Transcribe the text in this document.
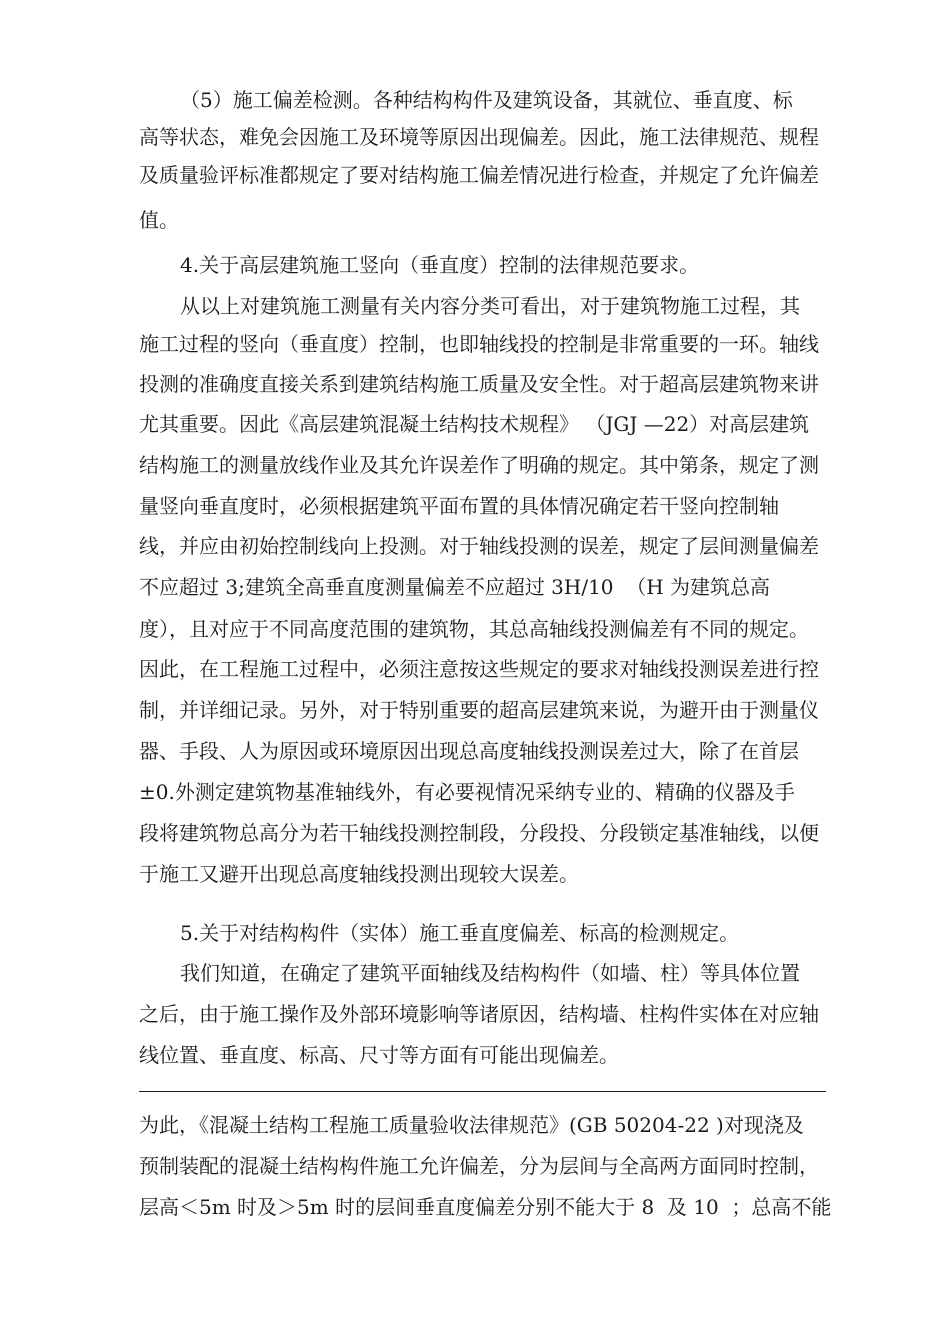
（5）施工偏差检测。各种结构构件及建筑设备，其就位、垂直度、标
高等状态，难免会因施工及环境等原因出现偏差。因此，施工法律规范、规程
及质量验评标准都规定了要对结构施工偏差情况进行检查，并规定了允许偏差
值。
4.关于高层建筑施工竖向（垂直度）控制的法律规范要求。
从以上对建筑施工测量有关内容分类可看出，对于建筑物施工过程，其
施工过程的竖向（垂直度）控制，也即轴线投的控制是非常重要的一环。轴线
投测的准确度直接关系到建筑结构施工质量及安全性。对于超高层建筑物来讲
尤其重要。因此《高层建筑混凝土结构技术规程》 （JGJ —22）对高层建筑
结构施工的测量放线作业及其允许误差作了明确的规定。其中第条，规定了测
量竖向垂直度时，必须根据建筑平面布置的具体情况确定若干竖向控制轴
线，并应由初始控制线向上投测。对于轴线投测的误差，规定了层间测量偏差
不应超过 3;建筑全高垂直度测量偏差不应超过 3H/10  （H 为建筑总高
度），且对应于不同高度范围的建筑物，其总高轴线投测偏差有不同的规定。
因此，在工程施工过程中，必须注意按这些规定的要求对轴线投测误差进行控
制，并详细记录。另外，对于特别重要的超高层建筑来说，为避开由于测量仪
器、手段、人为原因或环境原因出现总高度轴线投测误差过大，除了在首层
±0.外测定建筑物基准轴线外，有必要视情况采纳专业的、精确的仪器及手
段将建筑物总高分为若干轴线投测控制段，分段投、分段锁定基准轴线，以便
于施工又避开出现总高度轴线投测出现较大误差。
5.关于对结构构件（实体）施工垂直度偏差、标高的检测规定。
我们知道，在确定了建筑平面轴线及结构构件（如墙、柱）等具体位置
之后，由于施工操作及外部环境影响等诸原因，结构墙、柱构件实体在对应轴
线位置、垂直度、标高、尺寸等方面有可能出现偏差。
为此，《混凝土结构工程施工质量验收法律规范》(GB 50204-22 )对现浇及
预制装配的混凝土结构构件施工允许偏差，分为层间与全高两方面同时控制，
层高＜5m 时及＞5m 时的层间垂直度偏差分别不能大于 8  及 10  ；总高不能
